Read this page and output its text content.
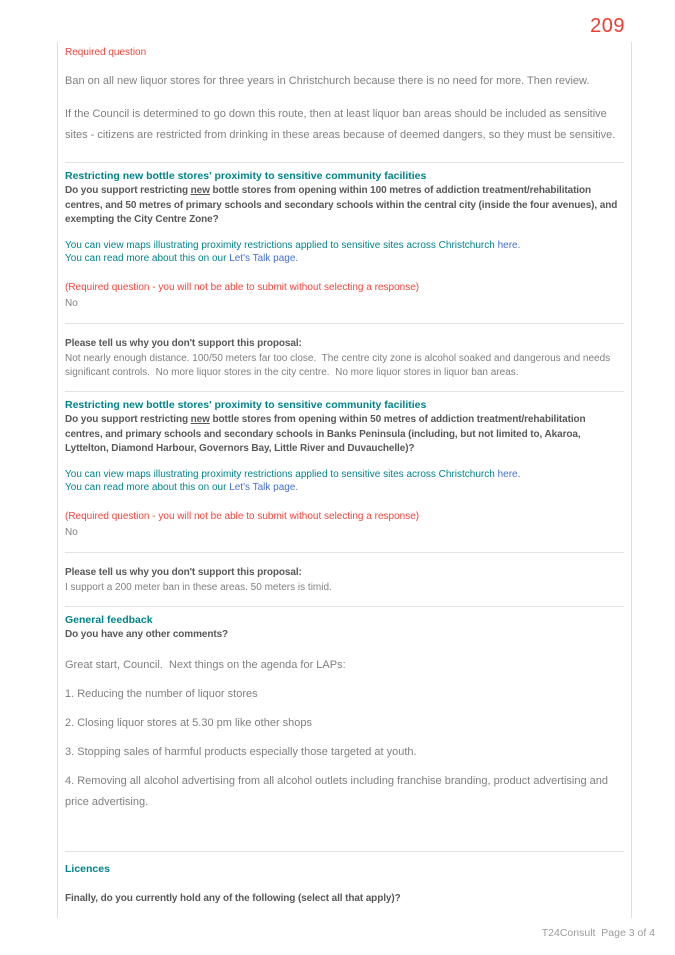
209
Required question
Ban on all new liquor stores for three years in Christchurch because there is no need for more. Then review.
If the Council is determined to go down this route, then at least liquor ban areas should be included as sensitive sites - citizens are restricted from drinking in these areas because of deemed dangers, so they must be sensitive.
Restricting new bottle stores' proximity to sensitive community facilities
Do you support restricting new bottle stores from opening within 100 metres of addiction treatment/rehabilitation centres, and 50 metres of primary schools and secondary schools within the central city (inside the four avenues), and exempting the City Centre Zone?
You can view maps illustrating proximity restrictions applied to sensitive sites across Christchurch here.
You can read more about this on our Let's Talk page.
(Required question - you will not be able to submit without selecting a response)
No
Please tell us why you don't support this proposal:
Not nearly enough distance. 100/50 meters far too close.  The centre city zone is alcohol soaked and dangerous and needs significant controls.  No more liquor stores in the city centre.  No more liquor stores in liquor ban areas.
Restricting new bottle stores' proximity to sensitive community facilities
Do you support restricting new bottle stores from opening within 50 metres of addiction treatment/rehabilitation centres, and primary schools and secondary schools in Banks Peninsula (including, but not limited to, Akaroa, Lyttelton, Diamond Harbour, Governors Bay, Little River and Duvauchelle)?
You can view maps illustrating proximity restrictions applied to sensitive sites across Christchurch here.
You can read more about this on our Let's Talk page.
(Required question - you will not be able to submit without selecting a response)
No
Please tell us why you don't support this proposal:
I support a 200 meter ban in these areas. 50 meters is timid.
General feedback
Do you have any other comments?
Great start, Council.  Next things on the agenda for LAPs:
1. Reducing the number of liquor stores
2. Closing liquor stores at 5.30 pm like other shops
3. Stopping sales of harmful products especially those targeted at youth.
4. Removing all alcohol advertising from all alcohol outlets including franchise branding, product advertising and price advertising.
Licences
Finally, do you currently hold any of the following (select all that apply)?
T24Consult  Page 3 of 4
